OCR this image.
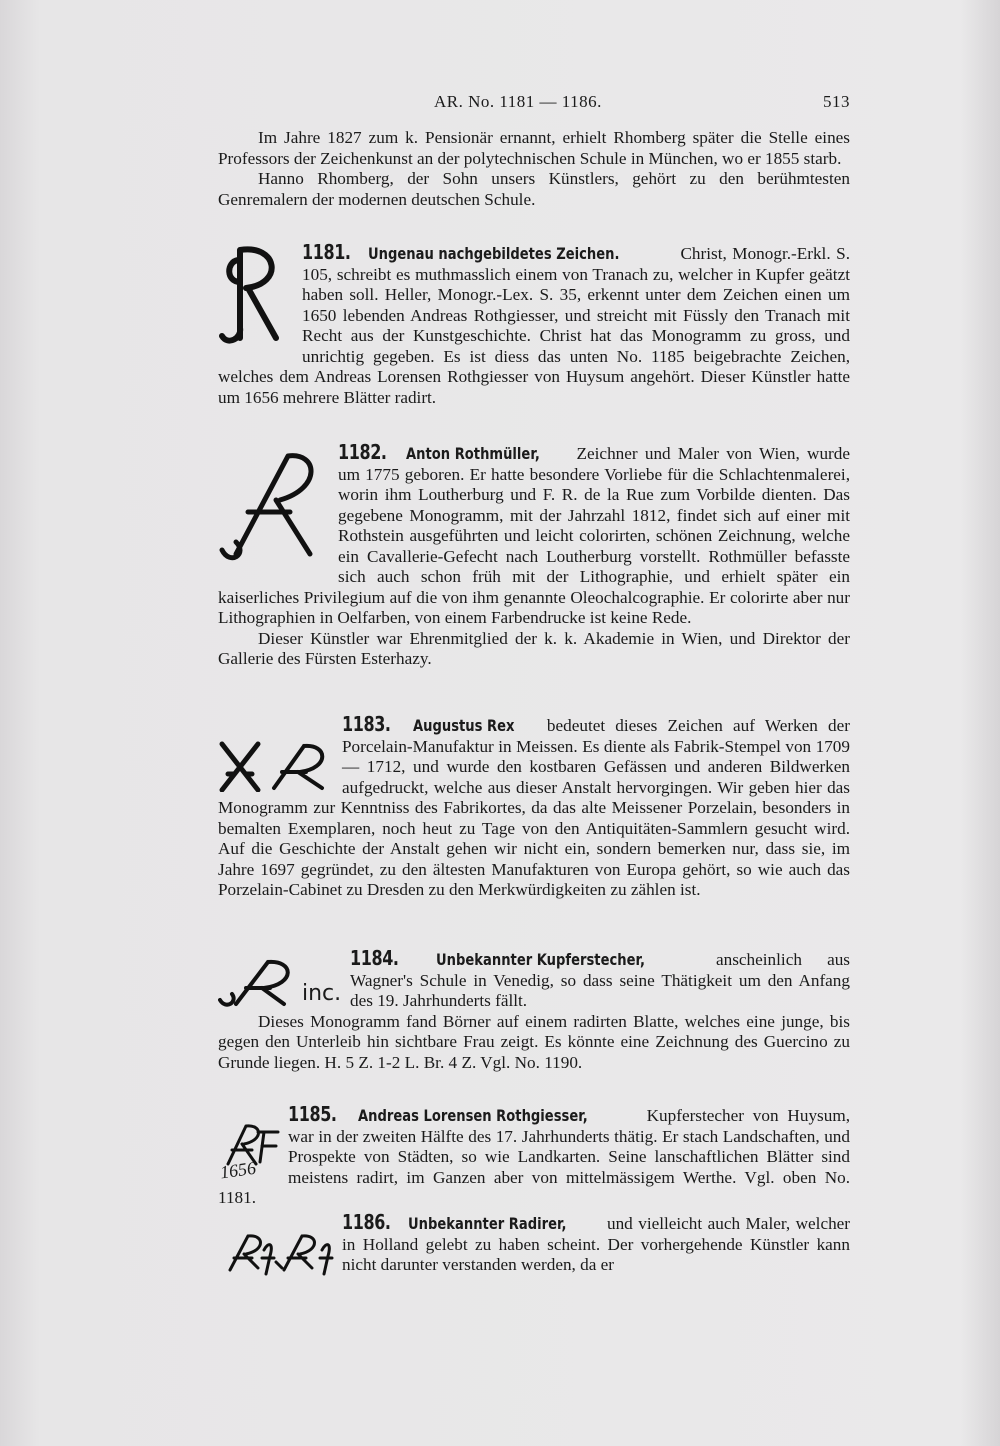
AR. No. 1181 — 1186.	513

Im Jahre 1827 zum k. Pensionär ernannt, erhielt Rhomberg später die Stelle eines Professors der Zeichenkunst an der polytechnischen Schule in München, wo er 1855 starb.

Hanno Rhomberg, der Sohn unsers Künstlers, gehört zu den berühmtesten Genremalern der modernen deutschen Schule.

1181. Ungenau nachgebildetes Zeichen.	Christ, Monogr.-Erkl. S. 105, schreibt es muthmasslich einem von Tranach zu, welcher in Kupfer geätzt haben soll. Heller, Monogr.-Lex. S. 35, erkennt unter dem Zeichen einen um 1650 lebenden Andreas Rothgiesser, und streicht mit Füssly den Tranach mit Recht aus der Kunstgeschichte. Christ hat das Monogramm zu gross, und unrichtig gegeben. Es ist diess das unten No. 1185 beigebrachte Zeichen, welches dem Andreas Lorensen Rothgiesser von Huysum angehört. Dieser Künstler hatte um 1656 mehrere Blätter radirt.

1182. Anton Rothmüller, Zeichner und Maler von Wien, wurde um 1775 geboren. Er hatte besondere Vorliebe für die Schlachtenmalerei, worin ihm Loutherburg und F. R. de la Rue zum Vorbilde dienten. Das gegebene Monogramm, mit der Jahrzahl 1812, findet sich auf einer mit Rothstein ausgeführten und leicht colorirten, schönen Zeichnung, welche ein Cavallerie-Gefecht nach Loutherburg vorstellt. Rothmüller befasste sich auch schon früh mit der Lithographie, und erhielt später ein kaiserliches Privilegium auf die von ihm genannte Oleochalcographie. Er colorirte aber nur Lithographien in Oelfarben, von einem Farbendrucke ist keine Rede.

Dieser Künstler war Ehrenmitglied der k. k. Akademie in Wien, und Direktor der Gallerie des Fürsten Esterhazy.

1183. Augustus Rex bedeutet dieses Zeichen auf Werken der Porcelain-Manufaktur in Meissen. Es diente als Fabrik-Stempel von 1709 — 1712, und wurde den kostbaren Gefässen und anderen Bildwerken aufgedruckt, welche aus dieser Anstalt hervorgingen. Wir geben hier das Monogramm zur Kenntniss des Fabrikortes, da das alte Meissener Porzelain, besonders in bemalten Exemplaren, noch heut zu Tage von den Antiquitäten-Sammlern gesucht wird. Auf die Geschichte der Anstalt gehen wir nicht ein, sondern bemerken nur, dass sie, im Jahre 1697 gegründet, zu den ältesten Manufakturen von Europa gehört, so wie auch das Porzelain-Cabinet zu Dresden zu den Merkwürdigkeiten zu zählen ist.

inc.

1184. Unbekannter Kupferstecher,	anscheinlich aus Wagner's Schule in Venedig, so dass seine Thätigkeit um den Anfang des 19. Jahrhunderts fällt.

Dieses Monogramm fand Börner auf einem radirten Blatte, welches eine junge, bis gegen den Unterleib hin sichtbare Frau zeigt. Es könnte eine Zeichnung des Guercino zu Grunde liegen. H. 5 Z. 1-2 L. Br. 4 Z. Vgl. No. 1190.

1656

1185. Andreas Lorensen Rothgiesser,	Kupferstecher von Huysum, war in der zweiten Hälfte des 17. Jahrhunderts thätig. Er stach Landschaften, und Prospekte von Städten, so wie Landkarten. Seine lanschaftlichen Blätter sind meistens radirt, im Ganzen aber von mittelmässigem Werthe. Vgl. oben No. 1181.

1186. Unbekannter Radirer, und vielleicht auch Maler, welcher in Holland gelebt zu haben scheint. Der vorhergehende Künstler kann nicht darunter verstanden werden, da er
